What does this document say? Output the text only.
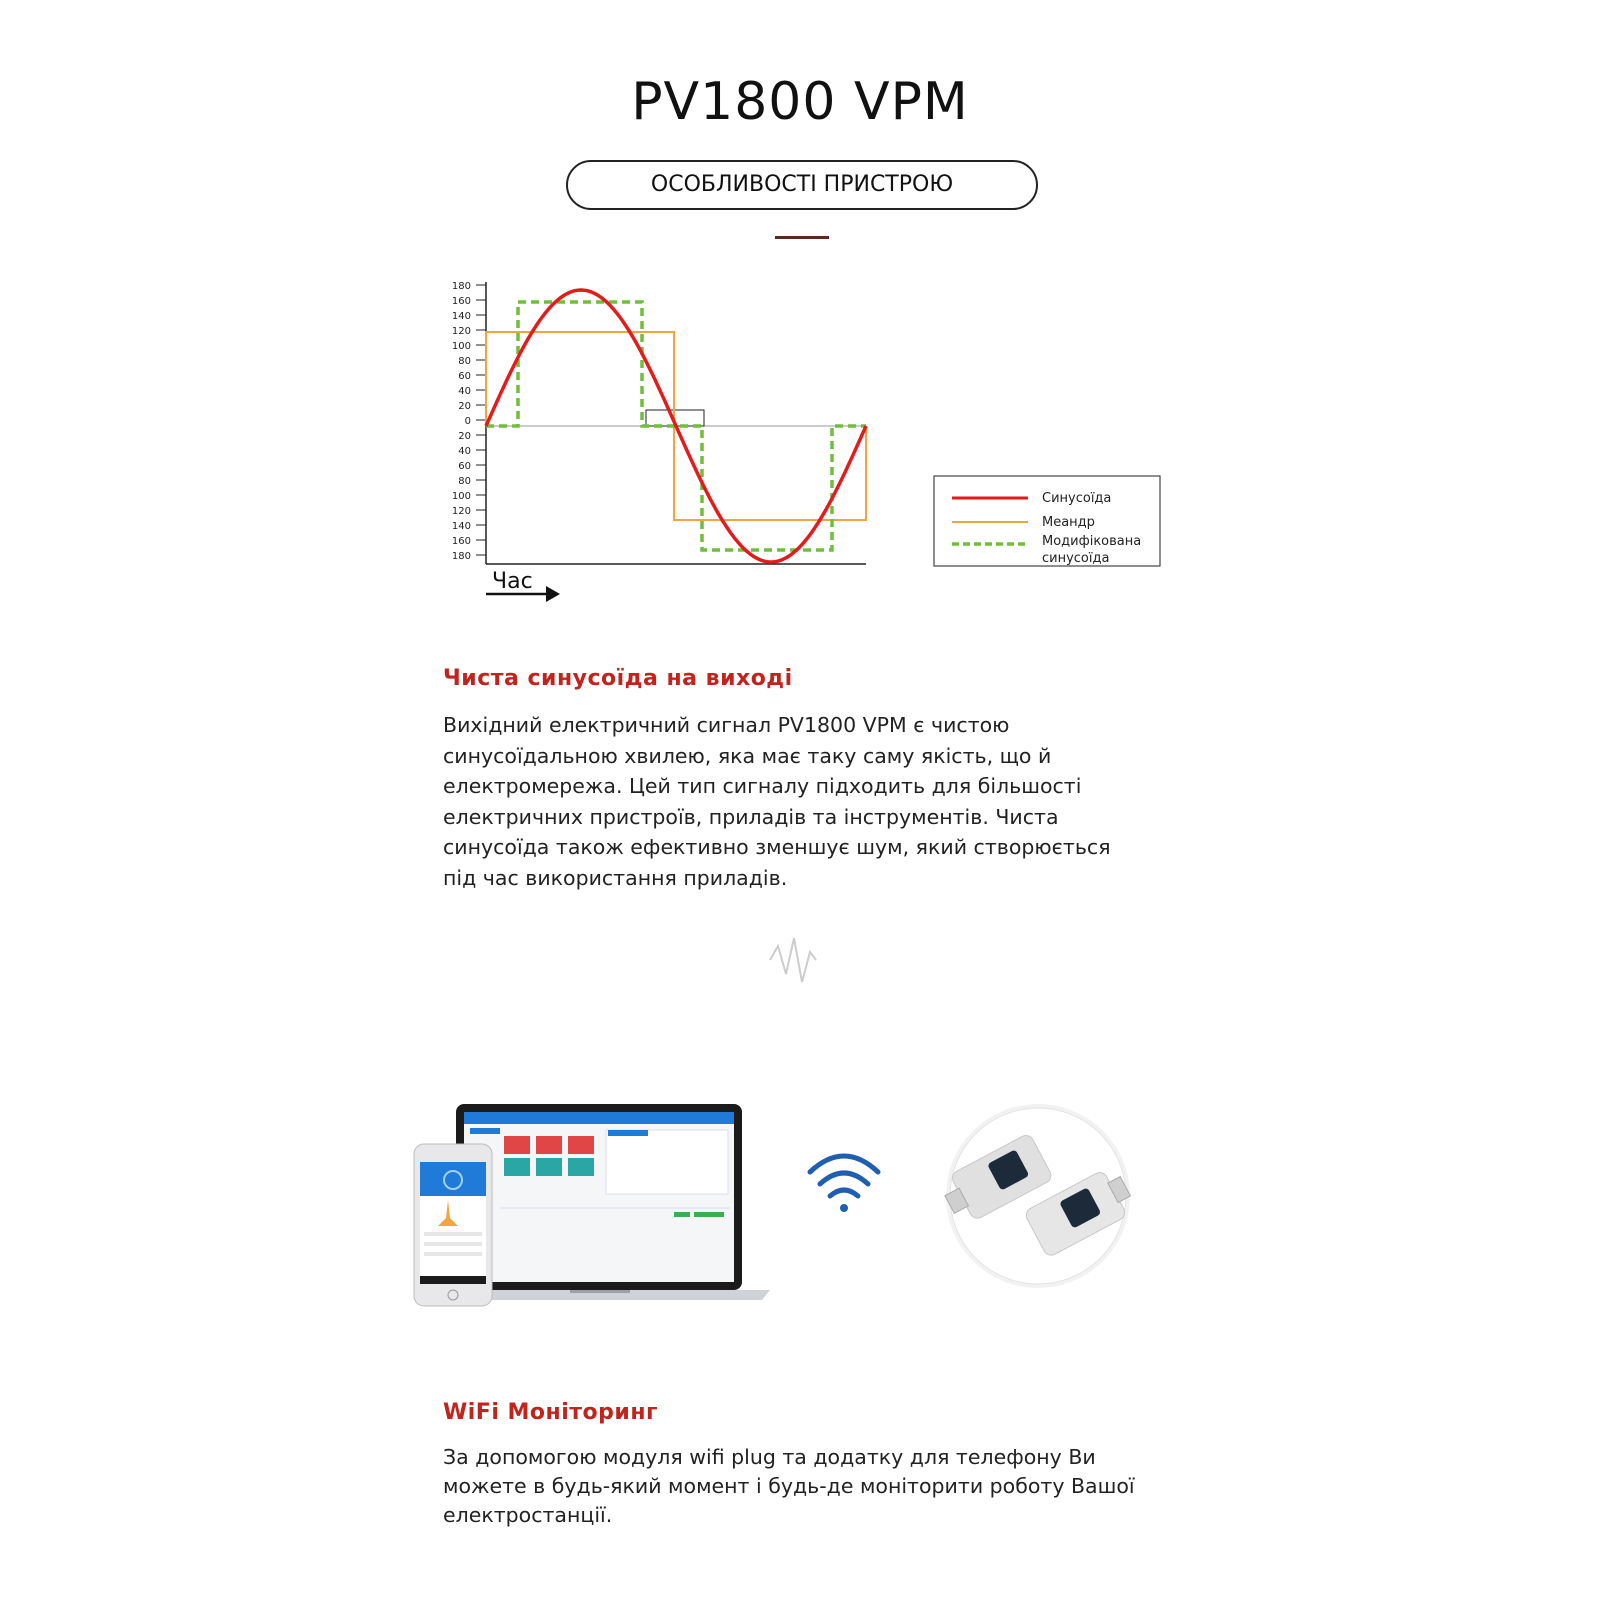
PV1800 VPM
ОСОБЛИВОСТІ ПРИСТРОЮ
180
160
140
120
100
80
60
40
20
0
20
40
60
80
100
120
140
160
180
Час
Синусоїда
Меандр
Модифікована
синусоїда
Чиста синусоїда на виході
Вихідний електричний сигнал PV1800 VPM є чистою
синусоїдальною хвилею, яка має таку саму якість, що й
електромережа. Цей тип сигналу підходить для більшості
електричних пристроїв, приладів та інструментів. Чиста
синусоїда також ефективно зменшує шум, який створюється
під час використання приладів.
WiFi Моніторинг
За допомогою модуля wifi plug та додатку для телефону Ви
можете в будь-який момент і будь-де моніторити роботу Вашої
електростанції.
